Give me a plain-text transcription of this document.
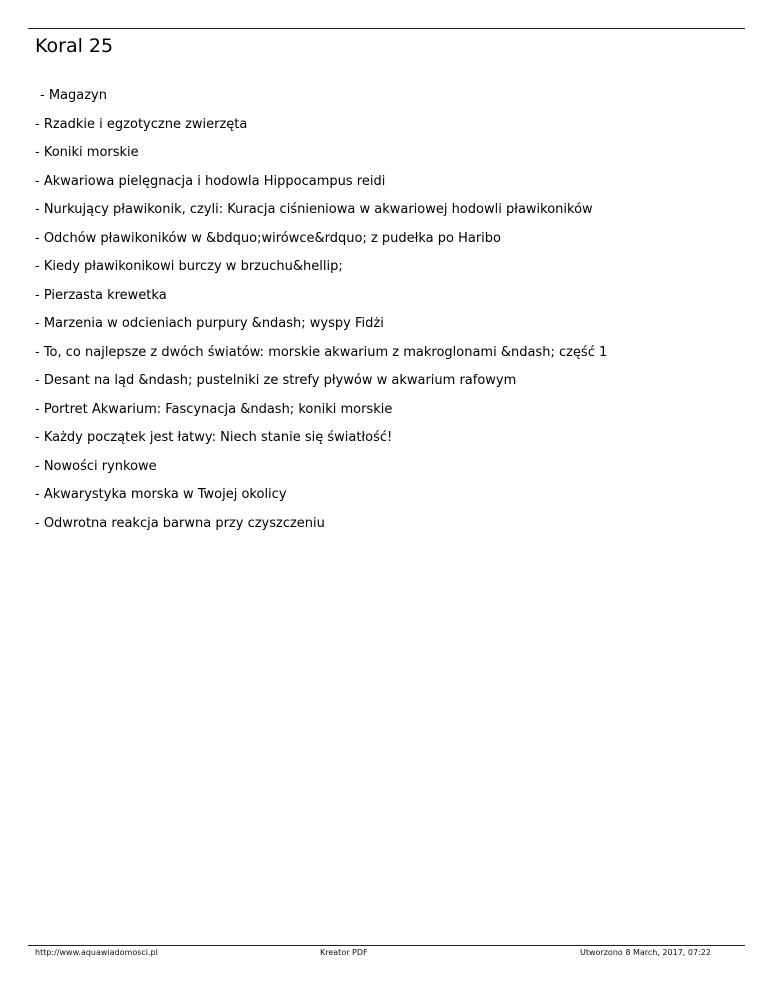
Koral 25
- Magazyn
- Rzadkie i egzotyczne zwierzęta
- Koniki morskie
- Akwariowa pielęgnacja i hodowla Hippocampus reidi
- Nurkujący pławikonik, czyli: Kuracja ciśnieniowa w akwariowej hodowli pławikoników
- Odchów pławikoników w &bdquo;wirówce&rdquo; z pudełka po Haribo
- Kiedy pławikonikowi burczy w brzuchu&hellip;
- Pierzasta krewetka
- Marzenia w odcieniach purpury &ndash; wyspy Fidżi
- To, co najlepsze z dwóch światów: morskie akwarium z makroglonami &ndash; część 1
- Desant na ląd &ndash; pustelniki ze strefy pływów w akwarium rafowym
- Portret Akwarium: Fascynacja &ndash; koniki morskie
- Każdy początek jest łatwy: Niech stanie się światłość!
- Nowości rynkowe
- Akwarystyka morska w Twojej okolicy
- Odwrotna reakcja barwna przy czyszczeniu
http://www.aquawiadomosci.pl	Kreator PDF	Utworzono 8 March, 2017, 07:22
